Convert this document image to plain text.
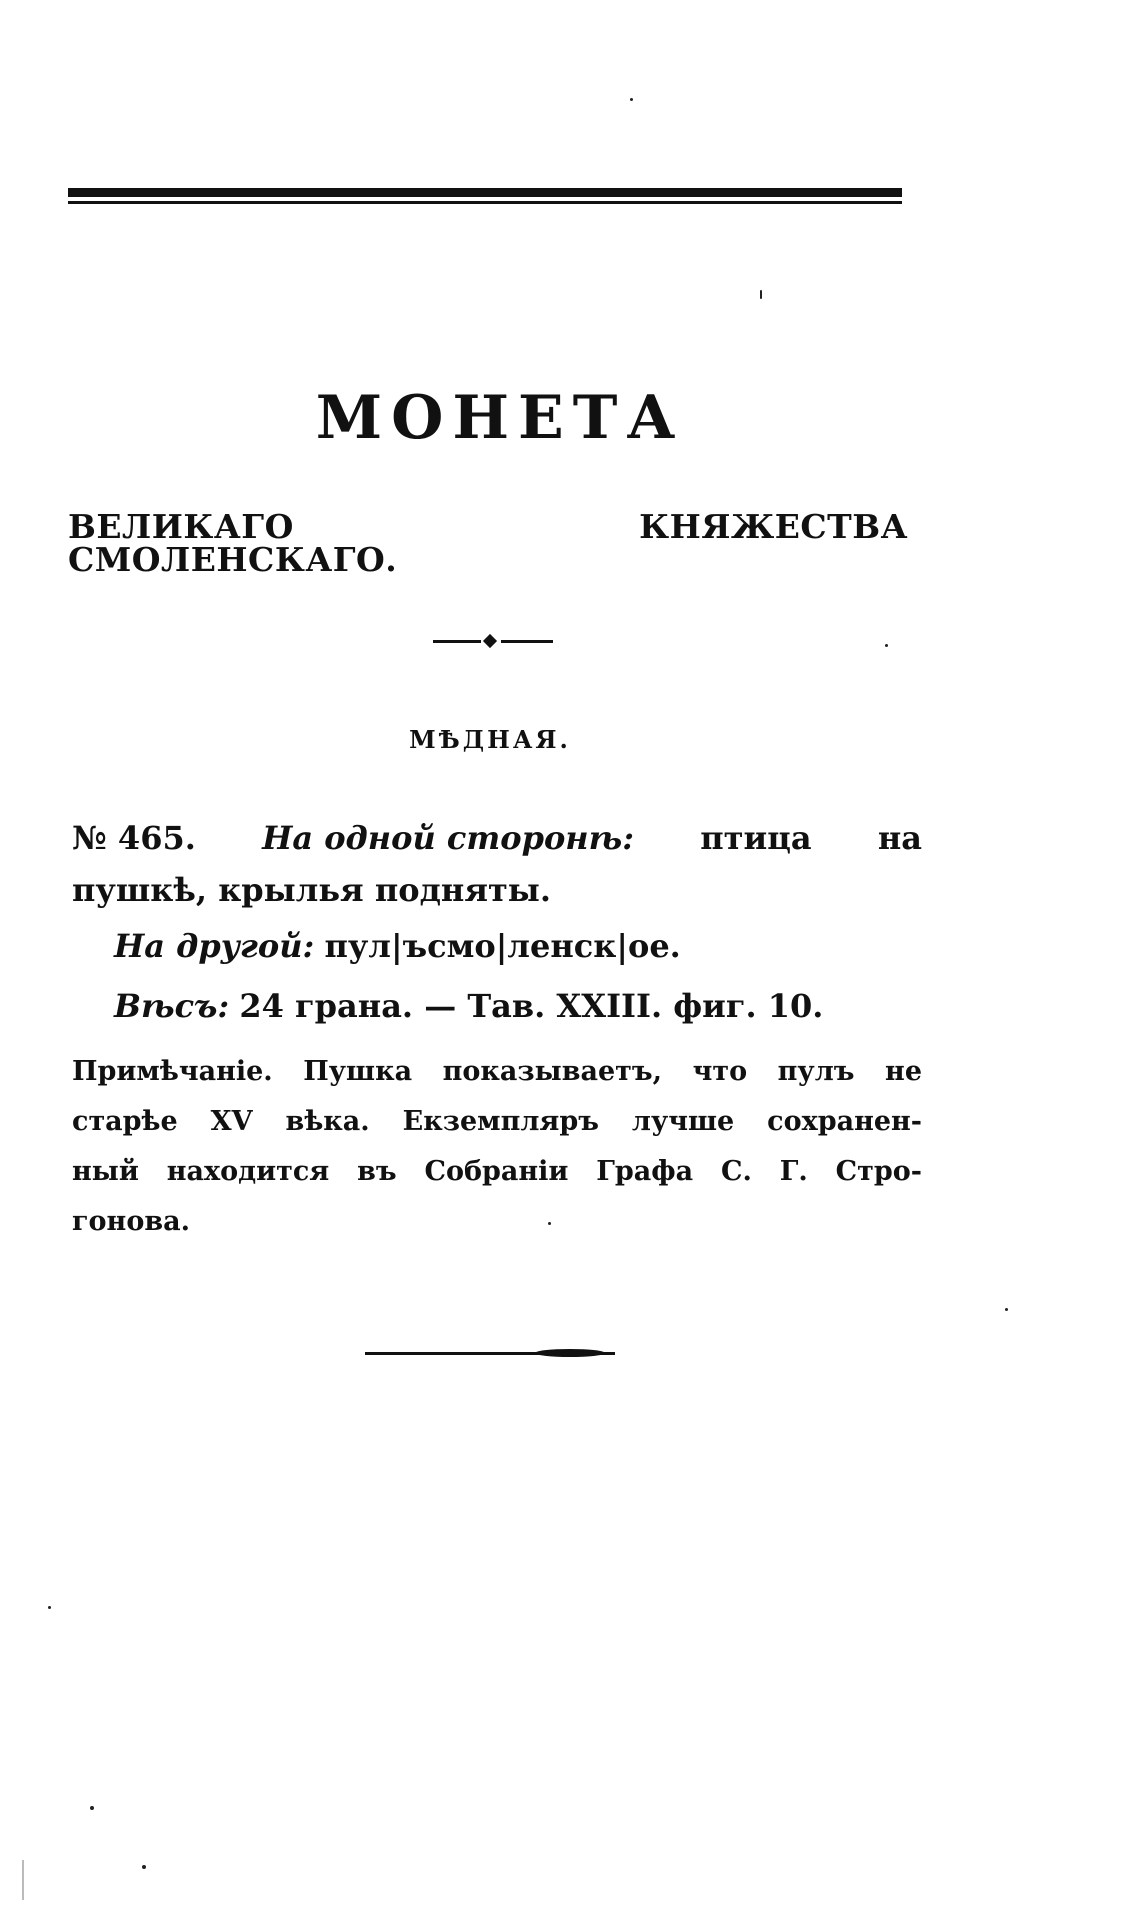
МОНЕТА
ВЕЛИКАГО КНЯЖЕСТВА СМОЛЕНСКАГО.
МѢДНАЯ.
№ 465. На одной сторонѣ: птица на
пушкѣ, крылья подняты.
На другой: пул|ъсмо|ленск|ое.
Вѣсъ: 24 грана. — Тав. XXIII. фиг. 10.
Примѣчаніе. Пушка показываетъ, что пулъ не
старѣе XV вѣка. Екземпляръ лучше сохранен-
ный находится въ Собраніи Графа С. Г. Стро-
гонова.
